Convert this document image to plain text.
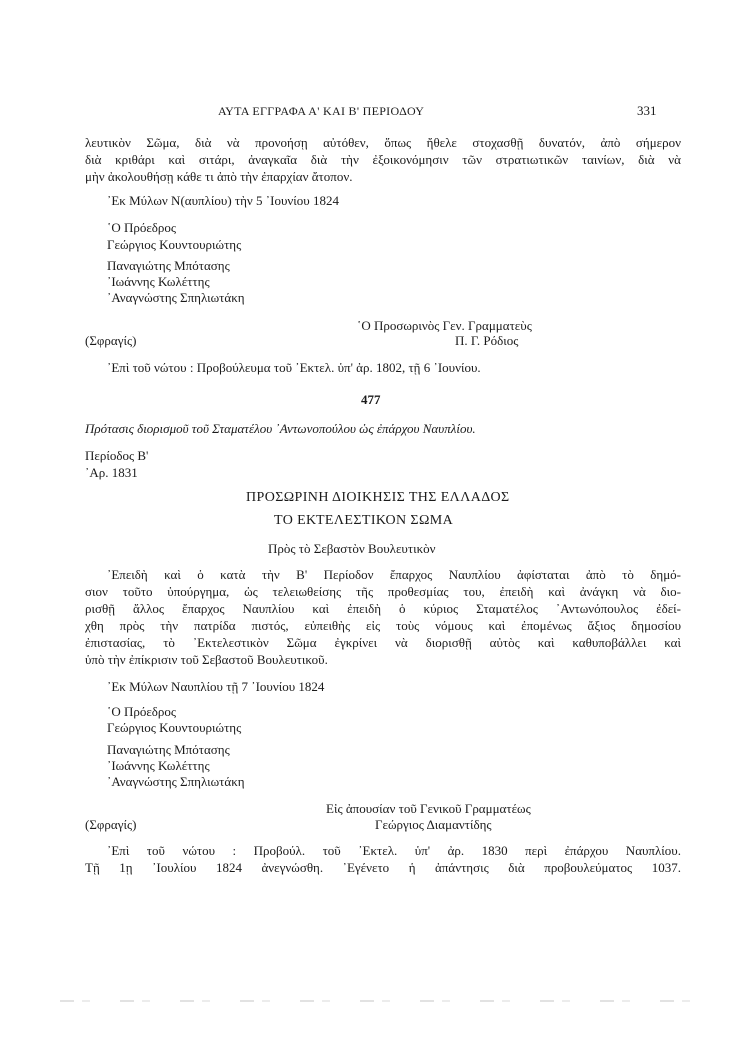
ΑΥΤΑ ΕΓΓΡΑΦΑ Α' ΚΑΙ Β' ΠΕΡΙΟΔΟΥ	331

λευτικὸν Σῶμα, διὰ νὰ προνοήσῃ αὐτόθεν, ὅπως ἤθελε στοχασθῇ δυνατόν, ἀπὸ σήμερον

διὰ κριθάρι καὶ σιτάρι, ἀναγκαῖα διὰ τὴν ἐξοικονόμησιν τῶν στρατιωτικῶν ταινίων, διὰ νὰ

μὴν ἀκολουθήσῃ κάθε τι ἀπὸ τὴν ἐπαρχίαν ἄτοπον.

᾿Εκ Μύλων Ν(αυπλίου) τὴν 5 ᾿Ιουνίου 1824

῾Ο Πρόεδρος

Γεώργιος Κουντουριώτης

Παναγιώτης Μπότασης

᾿Ιωάννης Κωλέττης

᾿Αναγνώστης Σπηλιωτάκη

῾Ο Προσωρινὸς Γεν. Γραμματεὺς

(Σφραγίς)	Π. Γ. Ρόδιος

᾿Επὶ τοῦ νώτου : Προβούλευμα τοῦ ᾿Εκτελ. ὑπ' ἀρ. 1802, τῇ 6 ᾿Ιουνίου.

477

Πρότασις διορισμοῦ τοῦ Σταματέλου ᾿Αντωνοπούλου ὡς ἐπάρχου Ναυπλίου.

Περίοδος Β'

᾿Αρ. 1831

ΠΡΟΣΩΡΙΝΗ ΔΙΟΙΚΗΣΙΣ ΤΗΣ ΕΛΛΑΔΟΣ

ΤΟ ΕΚΤΕΛΕΣΤΙΚΟΝ ΣΩΜΑ

Πρὸς τὸ Σεβαστὸν Βουλευτικὸν

᾿Επειδὴ καὶ ὁ κατὰ τὴν Β' Περίοδον ἔπαρχος Ναυπλίου ἀφίσταται ἀπὸ τὸ δημό-

σιον τοῦτο ὑπούργημα, ὡς τελειωθείσης τῆς προθεσμίας του, ἐπειδὴ καὶ ἀνάγκη νὰ διο-

ρισθῇ ἄλλος ἔπαρχος Ναυπλίου καὶ ἐπειδὴ ὁ κύριος Σταματέλος ᾿Αντωνόπουλος ἐδεί-

χθη πρὸς τὴν πατρίδα πιστός, εὐπειθὴς εἰς τοὺς νόμους καὶ ἐπομένως ἄξιος δημοσίου

ἐπιστασίας, τὸ ᾿Εκτελεστικὸν Σῶμα ἐγκρίνει νὰ διορισθῇ αὐτὸς καὶ καθυποβάλλει καὶ

ὑπὸ τὴν ἐπίκρισιν τοῦ Σεβαστοῦ Βουλευτικοῦ.

᾿Εκ Μύλων Ναυπλίου τῇ 7 ᾿Ιουνίου 1824

῾Ο Πρόεδρος

Γεώργιος Κουντουριώτης

Παναγιώτης Μπότασης

᾿Ιωάννης Κωλέττης

᾿Αναγνώστης Σπηλιωτάκη

Εἰς ἀπουσίαν τοῦ Γενικοῦ Γραμματέως

(Σφραγίς)	Γεώργιος Διαμαντίδης

᾿Επὶ τοῦ νώτου : Προβούλ. τοῦ ᾿Εκτελ. ὑπ' ἀρ. 1830 περὶ ἐπάρχου Ναυπλίου.

Τῇ 1ῃ ᾿Ιουλίου 1824 ἀνεγνώσθη. ᾿Εγένετο ἡ ἀπάντησις διὰ προβουλεύματος 1037.
